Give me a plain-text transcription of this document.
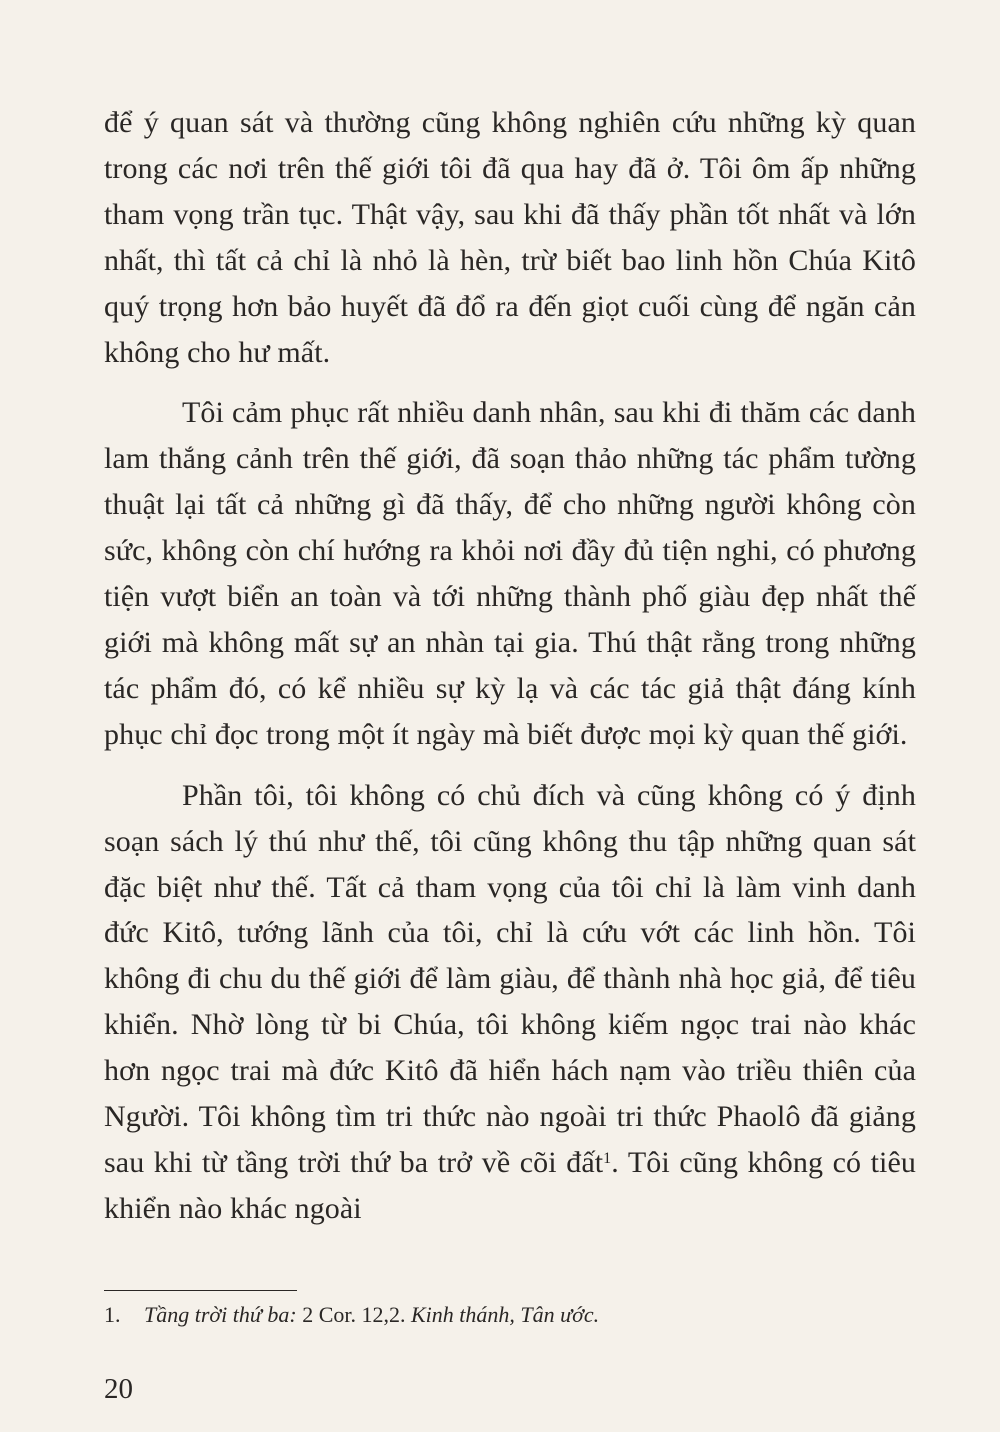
để ý quan sát và thường cũng không nghiên cứu những kỳ quan trong các nơi trên thế giới tôi đã qua hay đã ở. Tôi ôm ấp những tham vọng trần tục. Thật vậy, sau khi đã thấy phần tốt nhất và lớn nhất, thì tất cả chỉ là nhỏ là hèn, trừ biết bao linh hồn Chúa Kitô quý trọng hơn bảo huyết đã đổ ra đến giọt cuối cùng để ngăn cản không cho hư mất.

Tôi cảm phục rất nhiều danh nhân, sau khi đi thăm các danh lam thắng cảnh trên thế giới, đã soạn thảo những tác phẩm tường thuật lại tất cả những gì đã thấy, để cho những người không còn sức, không còn chí hướng ra khỏi nơi đầy đủ tiện nghi, có phương tiện vượt biển an toàn và tới những thành phố giàu đẹp nhất thế giới mà không mất sự an nhàn tại gia. Thú thật rằng trong những tác phẩm đó, có kể nhiều sự kỳ lạ và các tác giả thật đáng kính phục chỉ đọc trong một ít ngày mà biết được mọi kỳ quan thế giới.

Phần tôi, tôi không có chủ đích và cũng không có ý định soạn sách lý thú như thế, tôi cũng không thu tập những quan sát đặc biệt như thế. Tất cả tham vọng của tôi chỉ là làm vinh danh đức Kitô, tướng lãnh của tôi, chỉ là cứu vớt các linh hồn. Tôi không đi chu du thế giới để làm giàu, để thành nhà học giả, để tiêu khiển. Nhờ lòng từ bi Chúa, tôi không kiếm ngọc trai nào khác hơn ngọc trai mà đức Kitô đã hiển hách nạm vào triều thiên của Người. Tôi không tìm tri thức nào ngoài tri thức Phaolô đã giảng sau khi từ tầng trời thứ ba trở về cõi đất$^1$. Tôi cũng không có tiêu khiển nào khác ngoài

1. Tầng trời thứ ba: 2 Cor. 12,2. Kinh thánh, Tân ước.
20
